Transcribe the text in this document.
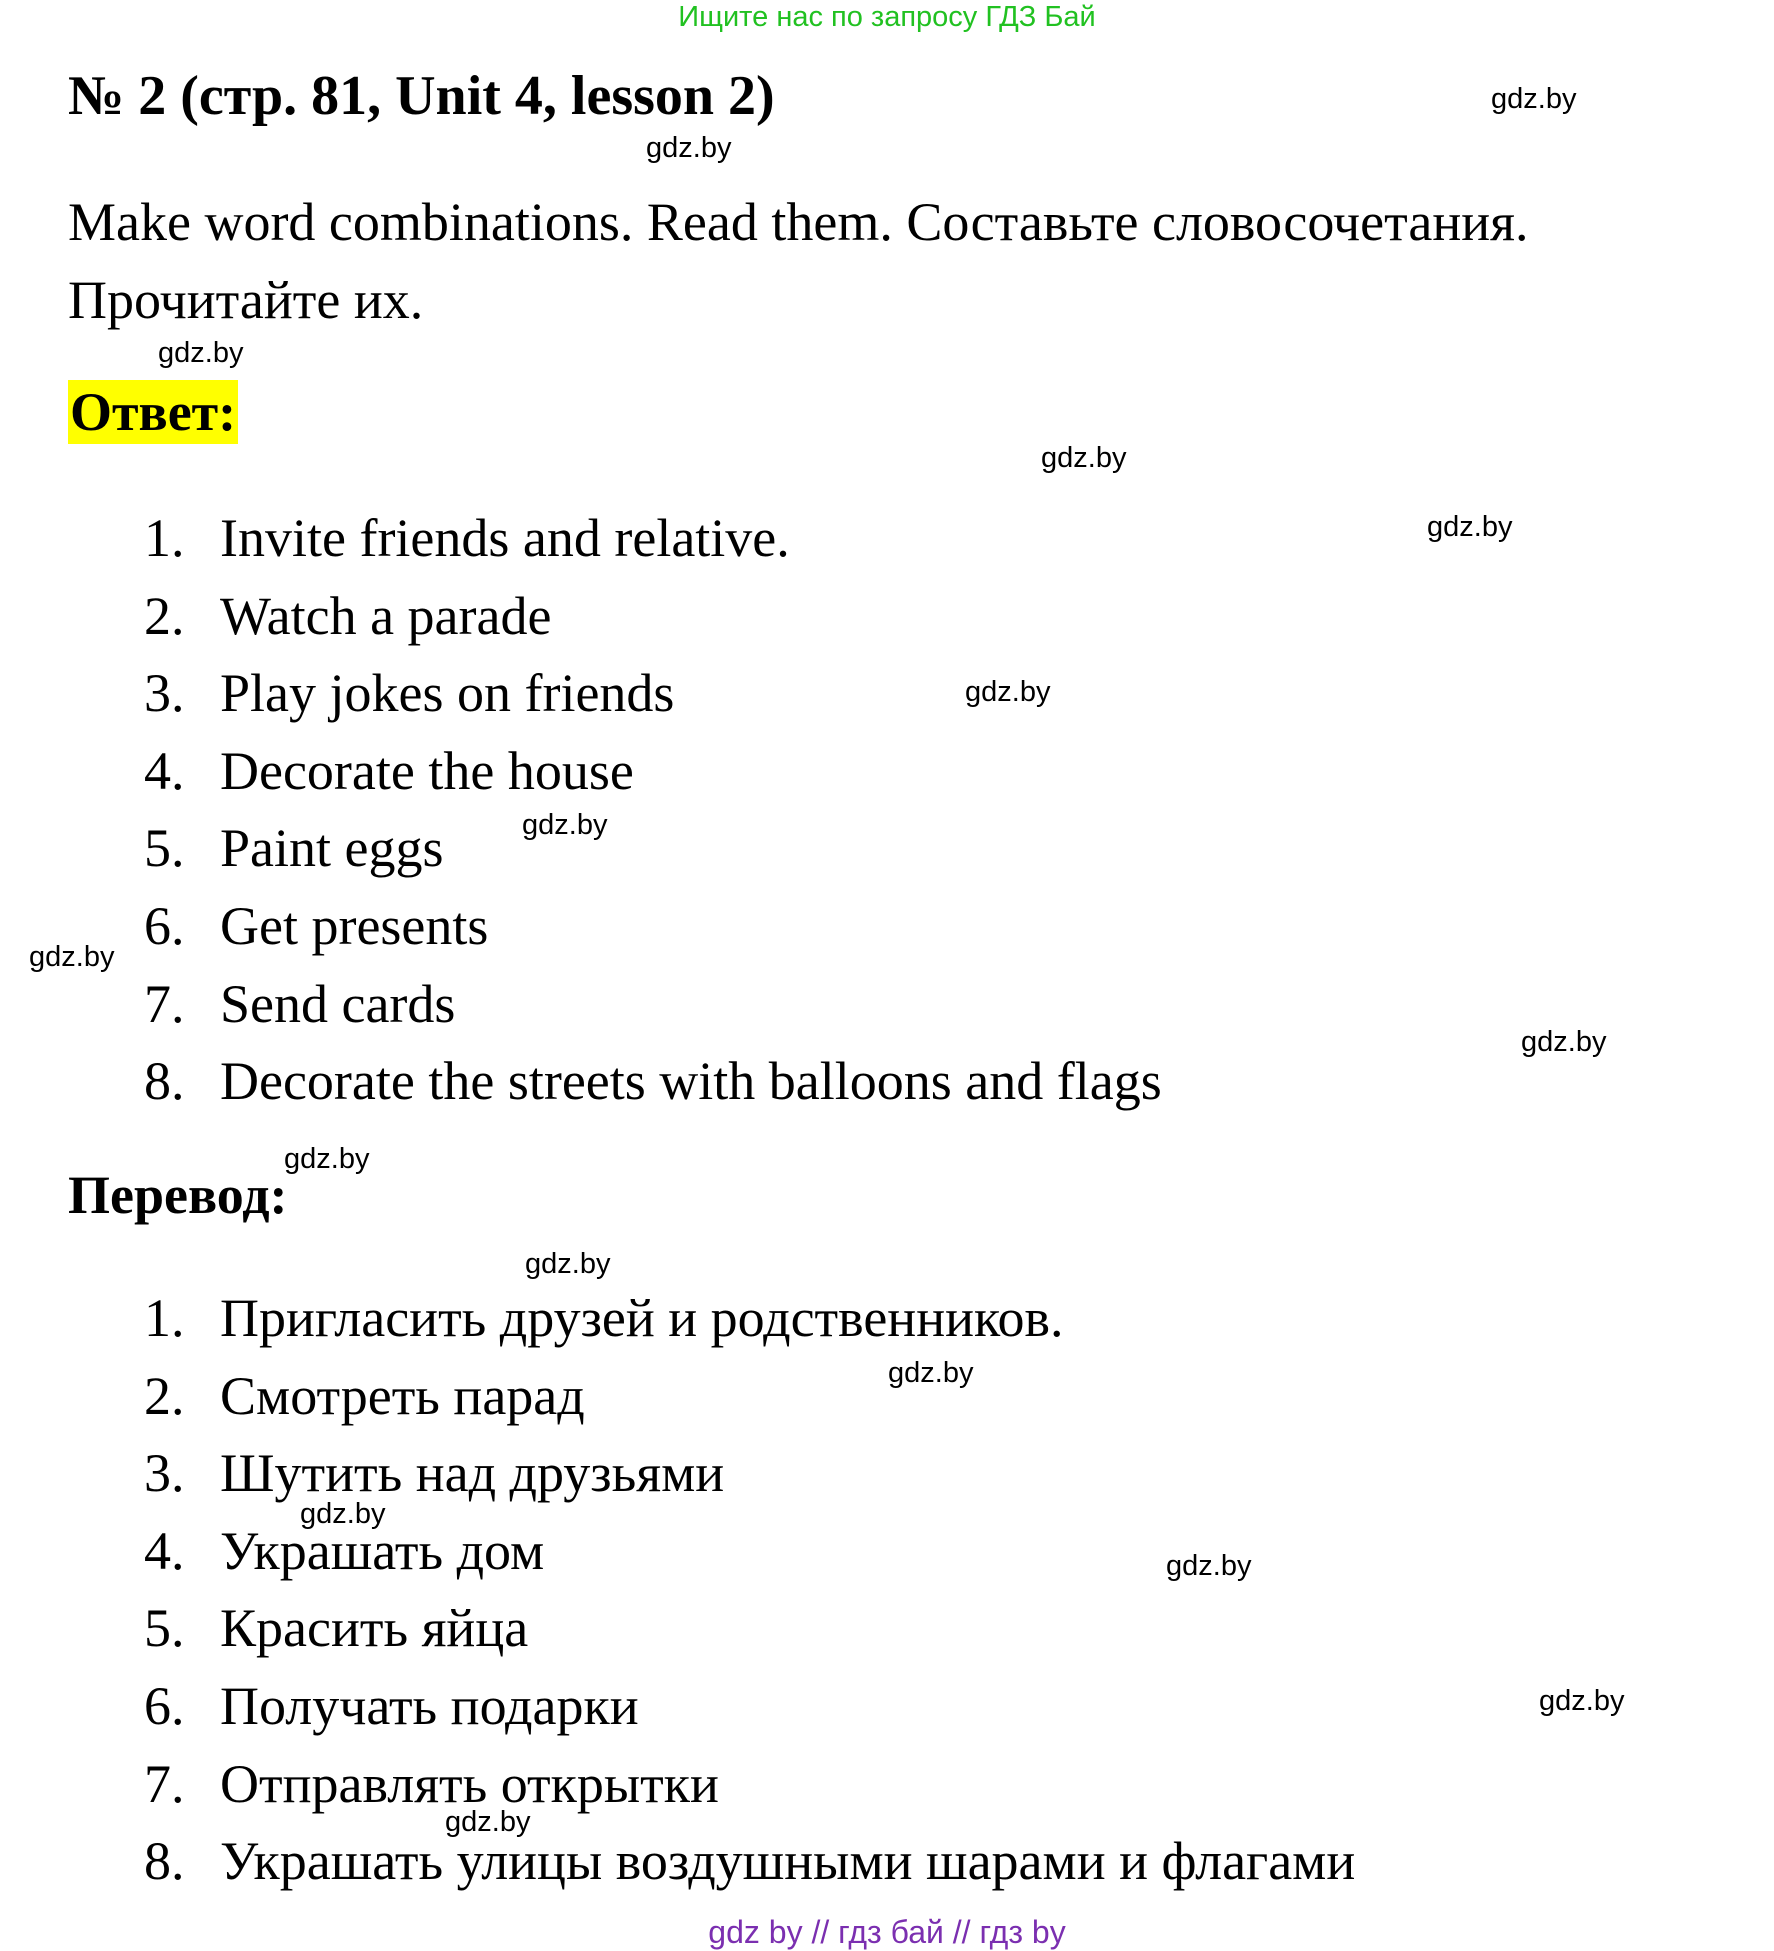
Ищите нас по запросу ГДЗ Бай
№ 2 (стр. 81, Unit 4, lesson 2)
Make word combinations. Read them. Составьте словосочетания. Прочитайте их.
Ответ:
1. Invite friends and relative.
2. Watch a parade
3. Play jokes on friends
4. Decorate the house
5. Paint eggs
6. Get presents
7. Send cards
8. Decorate the streets with balloons and flags
Перевод:
1. Пригласить друзей и родственников.
2. Смотреть парад
3. Шутить над друзьями
4. Украшать дом
5. Красить яйца
6. Получать подарки
7. Отправлять открытки
8. Украшать улицы воздушными шарами и флагами
gdz.by
gdz.by
gdz.by
gdz.by
gdz.by
gdz.by
gdz.by
gdz.by
gdz.by
gdz.by
gdz.by
gdz.by
gdz.by
gdz.by
gdz.by
gdz.by
gdz by // гдз бай // гдз by
